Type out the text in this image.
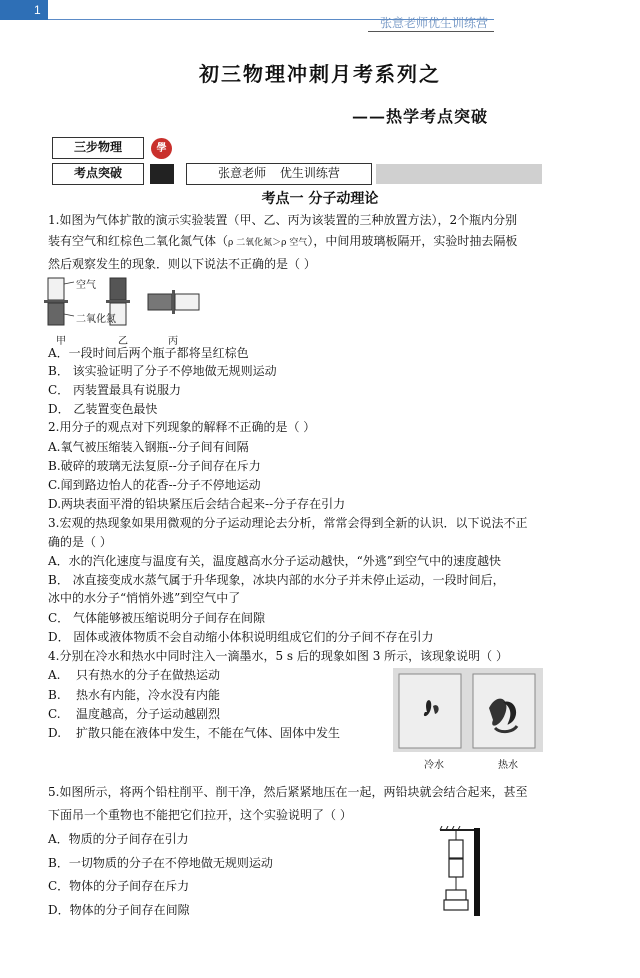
1
张意老师优生训练营
初三物理冲刺月考系列之
——热学考点突破
三步物理	學
考点突破	张意老师 优生训练营
考点一 分子动理论
1.如图为气体扩散的演示实验装置（甲、乙、丙为该装置的三种放置方法），2个瓶内分别
装有空气和红棕色二氧化氮气体（ρ 二氧化氮＞ρ 空气），中间用玻璃板隔开，实验时抽去隔板
然后观察发生的现象．则以下说法不正确的是（ ）
空气
二氧化氮
甲	乙	丙
A．一段时间后两个瓶子都将呈红棕色
B． 该实验证明了分子不停地做无规则运动
C． 丙装置最具有说服力
D． 乙装置变色最快
2.用分子的观点对下列现象的解释不正确的是（ ）
A.氧气被压缩装入钢瓶--分子间有间隔
B.破碎的玻璃无法复原--分子间存在斥力
C.闻到路边怡人的花香--分子不停地运动
D.两块表面平滑的铅块紧压后会结合起来--分子存在引力
3.宏观的热现象如果用微观的分子运动理论去分析，常常会得到全新的认识．以下说法不正
确的是（ ）
A．水的汽化速度与温度有关，温度越高水分子运动越快，“外逃”到空气中的速度越快
B． 冰直接变成水蒸气属于升华现象，冰块内部的水分子并未停止运动，一段时间后，
冰中的水分子“悄悄外逃”到空气中了
C． 气体能够被压缩说明分子间存在间隙
D． 固体或液体物质不会自动缩小体积说明组成它们的分子间不存在引力
4.分别在冷水和热水中同时注入一滴墨水，5 s 后的现象如图 3 所示，该现象说明（ ）
A. 只有热水的分子在做热运动
B. 热水有内能，冷水没有内能
C. 温度越高，分子运动越剧烈
D. 扩散只能在液体中发生，不能在气体、固体中发生
冷水	热水
5.如图所示，将两个铅柱削平、削干净，然后紧紧地压在一起，两铅块就会结合起来，甚至
下面吊一个重物也不能把它们拉开，这个实验说明了（ ）
A．物质的分子间存在引力
B．一切物质的分子在不停地做无规则运动
C．物体的分子间存在斥力
D．物体的分子间存在间隙
